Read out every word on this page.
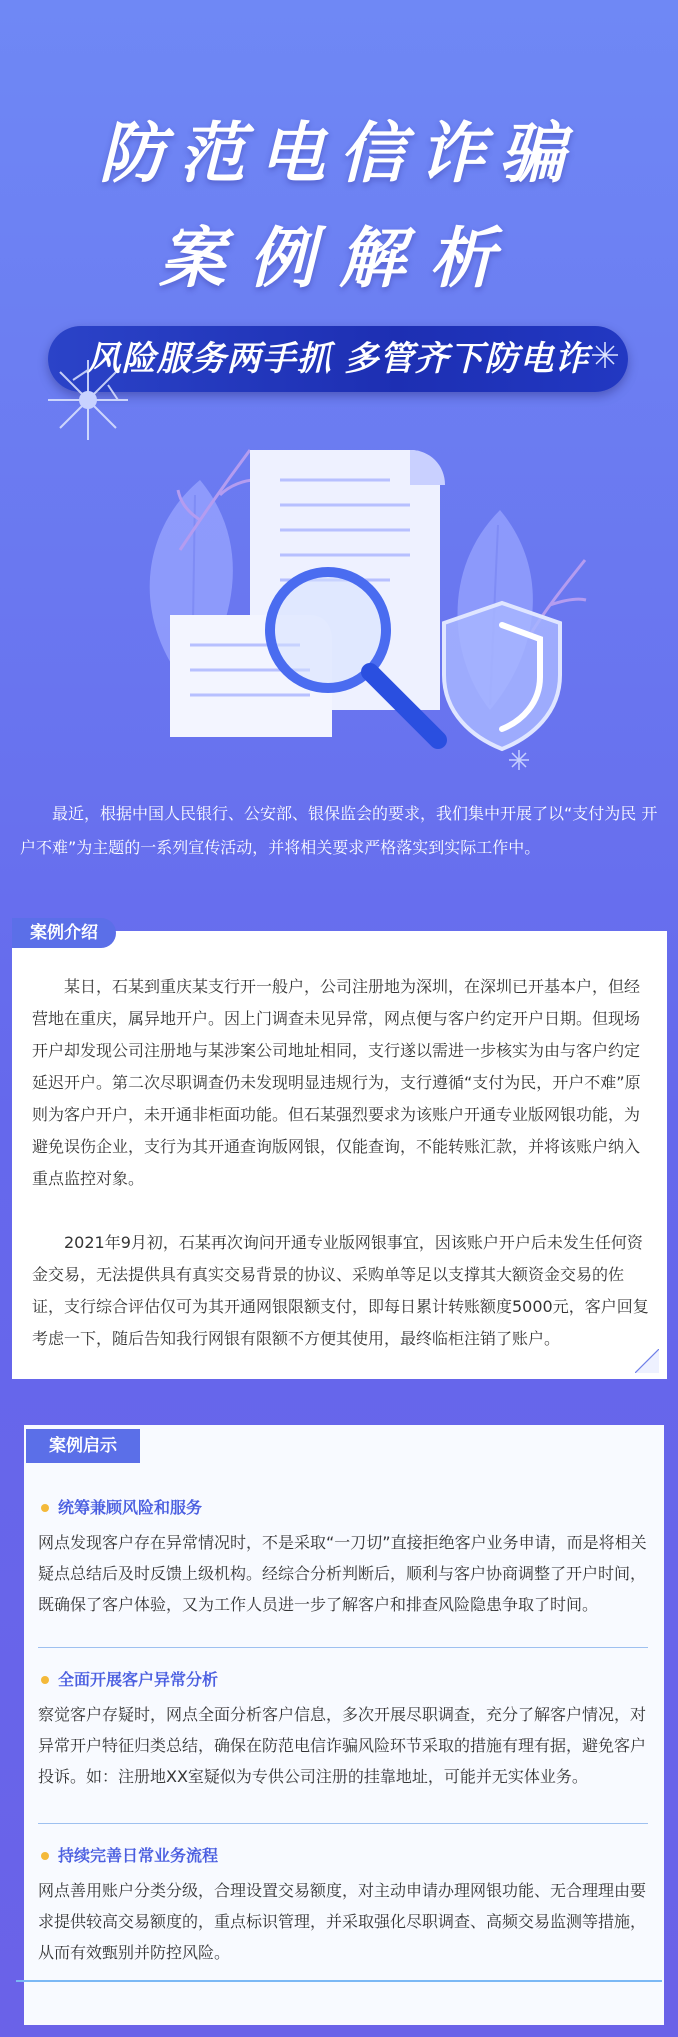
防范电信诈骗
案例解析
风险服务两手抓 多管齐下防电诈

最近，根据中国人民银行、公安部、银保监会的要求，我们集中开展了以“支付为民 开户不难”为主题的一系列宣传活动，并将相关要求严格落实到实际工作中。

案例介绍

某日，石某到重庆某支行开一般户，公司注册地为深圳，在深圳已开基本户，但经营地在重庆，属异地开户。因上门调查未见异常，网点便与客户约定开户日期。但现场开户却发现公司注册地与某涉案公司地址相同，支行遂以需进一步核实为由与客户约定延迟开户。第二次尽职调查仍未发现明显违规行为，支行遵循“支付为民，开户不难”原则为客户开户，未开通非柜面功能。但石某强烈要求为该账户开通专业版网银功能，为避免误伤企业，支行为其开通查询版网银，仅能查询，不能转账汇款，并将该账户纳入重点监控对象。

2021年9月初，石某再次询问开通专业版网银事宜，因该账户开户后未发生任何资金交易，无法提供具有真实交易背景的协议、采购单等足以支撑其大额资金交易的佐证，支行综合评估仅可为其开通网银限额支付，即每日累计转账额度5000元，客户回复考虑一下，随后告知我行网银有限额不方便其使用，最终临柜注销了账户。

案例启示
统筹兼顾风险和服务
网点发现客户存在异常情况时，不是采取“一刀切”直接拒绝客户业务申请，而是将相关疑点总结后及时反馈上级机构。经综合分析判断后，顺利与客户协商调整了开户时间，既确保了客户体验，又为工作人员进一步了解客户和排查风险隐患争取了时间。
全面开展客户异常分析
察觉客户存疑时，网点全面分析客户信息，多次开展尽职调查，充分了解客户情况，对异常开户特征归类总结，确保在防范电信诈骗风险环节采取的措施有理有据，避免客户投诉。如：注册地XX室疑似为专供公司注册的挂靠地址，可能并无实体业务。
持续完善日常业务流程
网点善用账户分类分级，合理设置交易额度，对主动申请办理网银功能、无合理理由要求提供较高交易额度的，重点标识管理，并采取强化尽职调查、高频交易监测等措施，从而有效甄别并防控风险。
